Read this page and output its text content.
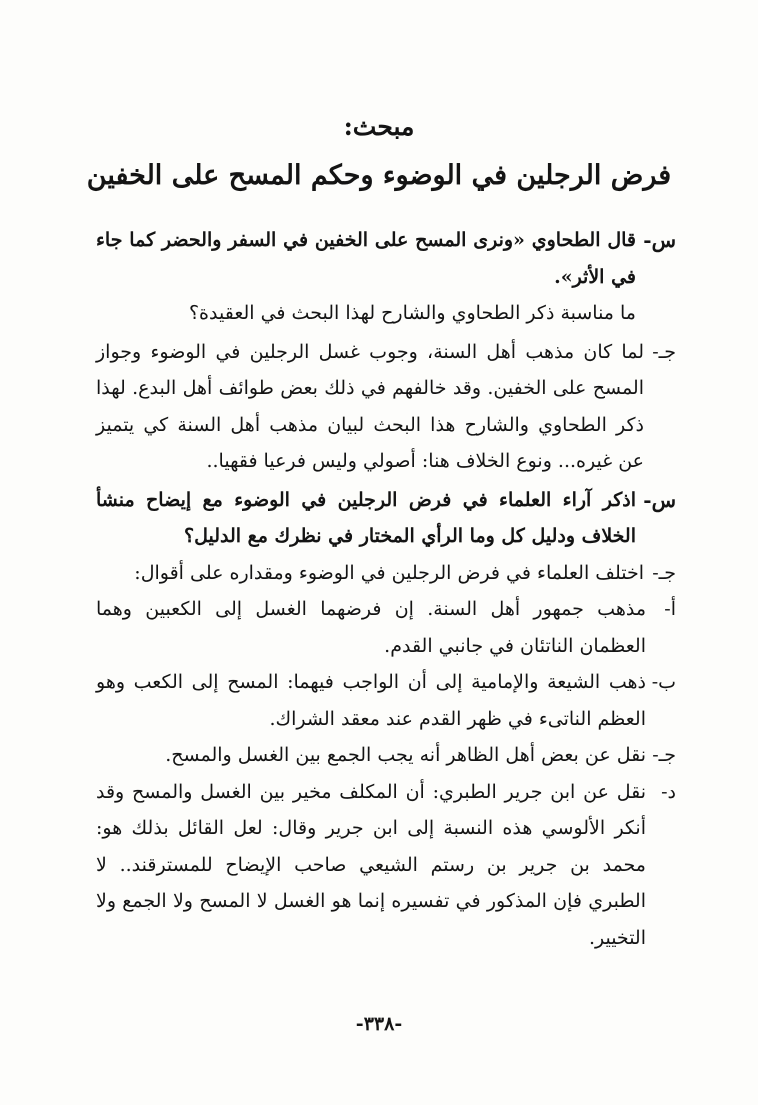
مبحث:
فرض الرجلين في الوضوء وحكم المسح على الخفين
س-
قال الطحاوي «ونرى المسح على الخفين في السفر والحضر كما جاء في الأثر».
ما مناسبة ذكر الطحاوي والشارح لهذا البحث في العقيدة؟
جـ-
لما كان مذهب أهل السنة، وجوب غسل الرجلين في الوضوء وجواز المسح على الخفين. وقد خالفهم في ذلك بعض طوائف أهل البدع. لهذا ذكر الطحاوي والشارح هذا البحث لبيان مذهب أهل السنة كي يتميز عن غيره... ونوع الخلاف هنا: أصولي وليس فرعيا فقهيا..
س-
اذكر آراء العلماء في فرض الرجلين في الوضوء مع إيضاح منشأ الخلاف ودليل كل وما الرأي المختار في نظرك مع الدليل؟
جـ-
اختلف العلماء في فرض الرجلين في الوضوء ومقداره على أقوال:
أ-
مذهب جمهور أهل السنة. إن فرضهما الغسل إلى الكعبين وهما العظمان الناتئان في جانبي القدم.
ب-
ذهب الشيعة والإمامية إلى أن الواجب فيهما: المسح إلى الكعب وهو العظم الناتىء في ظهر القدم عند معقد الشراك.
جـ-
نقل عن بعض أهل الظاهر أنه يجب الجمع بين الغسل والمسح.
د-
نقل عن ابن جرير الطبري: أن المكلف مخير بين الغسل والمسح وقد أنكر الألوسي هذه النسبة إلى ابن جرير وقال: لعل القائل بذلك هو: محمد بن جرير بن رستم الشيعي صاحب الإيضاح للمسترقند.. لا الطبري فإن المذكور في تفسيره إنما هو الغسل لا المسح ولا الجمع ولا التخيير.
-٣٣٨-
